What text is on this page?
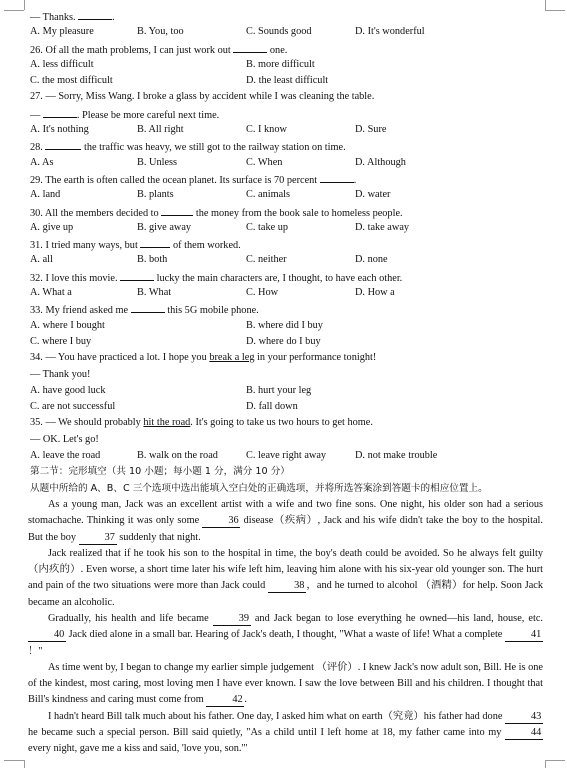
— Thanks.	.
A. My pleasure	B. You, too	C. Sounds good	D. It's wonderful
26. Of all the math problems, I can just work out	one.
A. less difficult	B. more difficult
C. the most difficult	D. the least difficult
27. — Sorry, Miss Wang. I broke a glass by accident while I was cleaning the table.
—	. Please be more careful next time.
A. It's nothing	B. All right	C. I know	D. Sure
28.	the traffic was heavy, we still got to the railway station on time.
A. As	B. Unless	C. When	D. Although
29. The earth is often called the ocean planet. Its surface is 70 percent	.
A. land	B. plants	C. animals	D. water
30. All the members decided to	the money from the book sale to homeless people.
A. give up	B. give away	C. take up	D. take away
31. I tried many ways, but	of them worked.
A. all	B. both	C. neither	D. none
32. I love this movie.	lucky the main characters are, I thought, to have each other.
A. What a	B. What	C. How	D. How a
33. My friend asked me	this 5G mobile phone.
A. where I bought	B. where did I buy
C. where I buy	D. where do I buy
34. — You have practiced a lot. I hope you break a leg in your performance tonight!
— Thank you!
A. have good luck	B. hurt your leg
C. are not successful	D. fall down
35. — We should probably hit the road. It's going to take us two hours to get home.
— OK. Let's go!
A. leave the road	B. walk on the road	C. leave right away	D. not make trouble
第二节：完形填空（共 10 小题；每小题 1 分，满分 10 分）
从题中所给的 A、B、C 三个选项中选出能填入空白处的正确选项，并将所选答案涂到答题卡的相应位置上。

As a young man, Jack was an excellent artist with a wife and two fine sons. One night, his older son had a serious stomachache. Thinking it was only some	36 disease（疾病）, Jack and his wife didn't take the boy to the hospital. But the boy	37 suddenly that night.

Jack realized that if he took his son to the hospital in time, the boy's death could be avoided. So he always felt guilty （内疚的）. Even worse, a short time later his wife left him, leaving him alone with his six-year old younger son. The hurt and pain of the two situations were more than Jack could	38 ，and he turned to alcohol （酒精）for help. Soon Jack became an alcoholic.

Gradually, his health and life became	39 and Jack began to lose everything he owned—his land, house, etc. 40 Jack died alone in a small bar. Hearing of Jack's death, I thought, "What a waste of life! What a complete	41！"

As time went by, I began to change my earlier simple judgement （评价）. I knew Jack's now adult son, Bill. He is one of the kindest, most caring, most loving men I have ever known. I saw the love between Bill and his children. I thought that Bill's kindness and caring must come from	42 .

I hadn't heard Bill talk much about his father. One day, I asked him what on earth（究竟）his father had done	43 he became such a special person. Bill said quietly, "As a child until I left home at 18, my father came into my	44 every night, gave me a kiss and said, 'love you, son.'"
